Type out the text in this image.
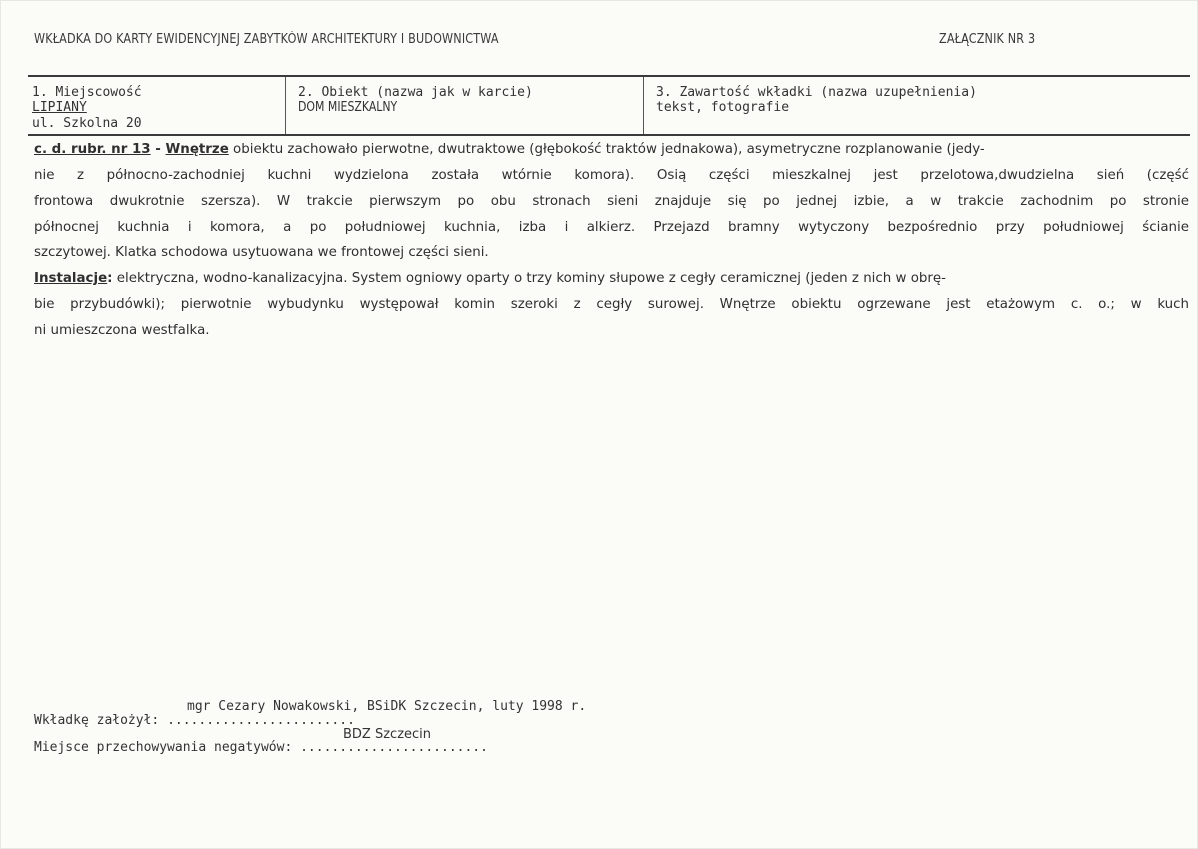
WKŁADKA DO KARTY EWIDENCYJNEJ ZABYTKÓW ARCHITEKTURY I BUDOWNICTWA	ZAŁĄCZNIK NR 3
1. Miejscowość
LIPIANY
ul. Szkolna 20
2. Obiekt (nazwa jak w karcie)
DOM MIESZKALNY
3. Zawartość wkładki (nazwa uzupełnienia)
tekst, fotografie
c. d. rubr. nr 13 - Wnętrze obiektu zachowało pierwotne, dwutraktowe (głębokość traktów jednakowa), asymetryczne rozplanowanie (jedy-
nie z północno-zachodniej kuchni wydzielona została wtórnie komora). Osią części mieszkalnej jest przelotowa,dwudzielna sień (część
frontowa dwukrotnie szersza). W trakcie pierwszym po obu stronach sieni znajduje się po jednej izbie, a w trakcie zachodnim po stronie
północnej kuchnia i komora, a po południowej kuchnia, izba i alkierz. Przejazd bramny wytyczony bezpośrednio przy południowej ścianie
szczytowej. Klatka schodowa usytuowana we frontowej części sieni.
Instalacje: elektryczna, wodno-kanalizacyjna. System ogniowy oparty o trzy kominy słupowe z cegły ceramicznej (jeden z nich w obrę-
bie przybudówki); pierwotnie wybudynku występował komin szeroki z cegły surowej. Wnętrze obiektu ogrzewane jest etażowym c. o.; w kuch
ni umieszczona westfalka.
mgr Cezary Nowakowski, BSiDK Szczecin, luty 1998 r.
Wkładkę założył: ........................
BDZ Szczecin
Miejsce przechowywania negatywów: ........................
